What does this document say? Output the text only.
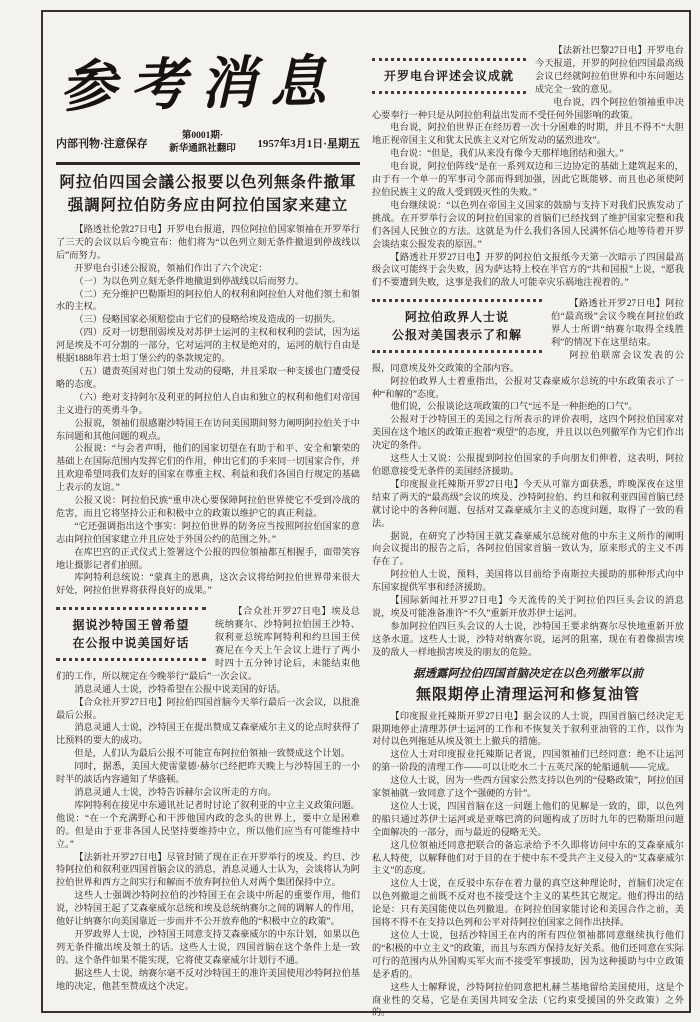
参考消息
内部刊物·注意保存
第0001期·
新华通訊社翻印 1957年3月1日·星期五
阿拉伯四国会議公报要以色列無条件撤軍
强調阿拉伯防务应由阿拉伯国家来建立

【路透社伦敦27日电】开罗电台报道，四位阿拉伯国家領袖在开罗举行了三天的会议以后今晚宣布：他们将为“以色列立刻无条件撤退到停战线以后”而努力。

开罗电台引述公报说，領袖们作出了六个决定：

（一）为以色列立刻无条件地撤退到停战线以后而努力。

（二）充分维护巴勒斯坦的阿拉伯人的权利和阿拉伯人对他们領土和領水的主权。

（三）侵略国家必须赔偿由于它们的侵略给埃及造成的一切损失。

（四）反对一切想削弱埃及对苏伊士运河的主权和权利的尝试，因为运河是埃及不可分割的一部分，它对运河的主权是绝对的，运河的航行自由是根据1888年君士坦丁堡公约的条款规定的。

（五）谴责英国对也门領土发动的侵略，并且采取一种支援也门遭受侵略的态度。

（六）绝对支持阿尔及利亚的阿拉伯人自由和独立的权利和他们对帝国主义进行的英勇斗争。

公报说，領袖们很感谢沙特国王在访问美国期间努力阐明阿拉伯关于中东问题和其他问题的观点。

公报说：“与会者声明，他们的国家切望在有助于和平、安全和繁荣的基础上在国际范围内发挥它们的作用，伸出它们的手来同一切国家合作，并且欢迎希望同我们友好的国家在尊重主权、利益和我们各国自行规定的基础上表示的友谊。”

公报又说：阿拉伯民族“重申决心要保障阿拉伯世界使它不受到冷战的危害，而且它将坚持公正和积极中立的政策以维护它的真正利益。

“它还强调指出这个事实：阿拉伯世界的防务应当按照阿拉伯国家的意志由阿拉伯国家建立并且应处于外国公约的范围之外。”

在库巴宫的正式仪式上签署这个公报的四位領袖都互相握手，面带笑容地让摄影记者们拍照。

库阿特利总统说：“蒙真主的恩典，这次会议将给阿拉伯世界带来很大好处，阿拉伯世界将获得良好的成果。”

据说沙特国王曾希望
在公报中说美国好话

【合众社开罗27日电】埃及总统纳赛尔、沙特阿拉伯国王沙特、叙利亚总统库阿特利和约旦国王侯赛尼在今天上午会议上进行了两小时四十五分钟讨论后，未能结束他们的工作，所以规定在今晚举行“最后”一次会议。

消息灵通人士说，沙特希望在公报中说美国的好话。

【合众社开罗27日电】阿拉伯四国首脑今天举行最后一次会议，以批准最后公报。

消息灵通人士说，沙特国王在提出赞成艾森豪威尔主义的论点时获得了比预料的要大的成功。

但是，人们认为最后公报不可能宣布阿拉伯領袖一致赞成这个计划。

同时，据悉，美国大使雷蒙德·赫尔已经把昨天晚上与沙特国王的一小时半的談话内容通知了华盛顿。

消息灵通人士说，沙特告诉赫尔会议所走的方向。

库阿特利在接见中东通讯社记者时讨论了叙利亚的中立主义政策问题。他说：“在一个充满野心和干涉他国内政的念头的世界上，要中立是困难的。但是由于亚非各国人民坚持要维持中立，所以他们应当有可能维持中立。”

【法新社开罗27日电】尽管封锁了现在正在开罗举行的埃及、约旦、沙特阿拉伯和叙利亚四国首脑会议的消息，消息灵通人士认为，会谈将认为阿拉伯世界和西方之间实行和解而不放弃阿拉伯人对两个集团保持中立。

这些人士强调沙特阿拉伯的沙特国王在会谈中所起的重要作用，他们说，沙特国王起了艾森豪威尔总统和埃及总统纳赛尔之间的调解人的作用，他好让纳赛尔向美国靠近一步而并不公开放弃他的“积极中立的政策”。

开罗政界人士说，沙特国王同意支持艾森豪威尔的中东计划，如果以色列无条件撤出埃及領土的话。这些人士说，四国首脑在这个条件上是一致的。这个条件如果不能实现，它将使艾森豪威尔计划行不通。

据这些人士说，纳赛尔毫不反对沙特国王的准许美国使用沙特阿拉伯基地的决定，他甚至赞成这个决定。

开罗电台评述会议成就

【法新社巴黎27日电】开罗电台今天报道，开罗的阿拉伯四国最高级会议已经就阿拉伯世界和中东问题达成完全一致的意见。

电台说，四个阿拉伯領袖重申决心要奉行一种只是从阿拉伯利益出发而不受任何外国影响的政策。

电台说，阿拉伯世界正在经历着一次十分困难的时期，并且不得不“大胆地正视帝国主义和犹太民族主义对它所发动的猛烈进攻”。

电台说：“但是，我们从来没有像今天那样地团结和强大。”

电台说，阿拉伯阵线“是在一系列双边和三边协定的基础上建筑起来的，由于有一个单一的军事司令部而得到加强，因此它既能够、而且也必须使阿拉伯民族主义的敌人受到毁灭性的失败。”

电台继续说：“以色列在帝国主义国家的鼓励与支持下对我们民族发动了挑战。在开罗举行会议的阿拉伯国家的首脑们已经找到了维护国家完整和我们各国人民独立的方法。这就是为什么我们各国人民满怀信心地等待着开罗会谈结束公报发表的原因。”

【路透社开罗27日电】开罗的阿拉伯文报纸今天第一次暗示了四国最高级会议可能终于会失败，因为萨达特上校在半官方的“共和国报”上说，“愿我们不要遭到失败，这事是我们的敌人可能幸灾乐祸地注视着的。”

阿拉伯政界人士说
公报对美国表示了和解

【路透社开罗27日电】阿拉伯“最高级”会议今晚在阿拉伯政界人士所谓“纳赛尔取得全线胜利”的情况下在这里结束。

阿拉伯联席会议发表的公报，同意埃及外交政策的全部内容。

阿拉伯政界人士着重指出，公报对艾森豪威尔总统的中东政策表示了一种“和解的”态度。

他们说，公报谈论这项政策的口气“远不是一种拒绝的口气”。

公报对于沙特国王的美国之行所表示的评价表明，这四个阿拉伯国家对美国在这个地区的政策正抱着“观望”的态度，并且以以色列撤军作为它们作出决定的条件。

这些人士又说：公报提到阿拉伯国家的手向朋友们伸着，这表明，阿拉伯愿意接受无条件的美国经济援助。

【印度报业托辣斯开罗27日电】今天从可靠方面获悉，昨晚深夜在这里结束了两天的“最高级”会议的埃及、沙特阿拉伯、约旦和叙利亚四国首脑已经就讨论中的各种问题、包括对艾森豪威尔主义的态度问题，取得了一致的看法。

据说，在研究了沙特国王就艾森豪威尔总统对他的中东主义所作的阐明向会议提出的报告之后，各阿拉伯国家首脑一致认为，原来形式的主义不再存在了。

阿拉伯人士说，预料，美国将以目前给予南斯拉夫援助的那种形式向中东国家提供军事和经济援助。

【国际新闻社开罗27日电】今天流传的关于阿拉伯四巨头会议的消息说，埃及可能准备准许“不久”重新开放苏伊士运河。

参加阿拉伯四巨头会议的人士说，沙特国王要求纳赛尔尽快地重新开放这条水道。这些人士说，沙特对纳赛尔说，运河的阻塞，现在有着像损害埃及的敌人一样地损害埃及的朋友的危险。

据透露阿拉伯四国首脑决定在以色列撤军以前
無限期停止清理运河和修复油管

【印度报业托辣斯开罗27日电】据会议的人士说，四国首脑已经决定无限期地停止清理苏伊士运河的工作和不恢复关于叙利亚油管的工作，以作为对付以色列拖延从埃及領土上撤兵的措施。

这位人士对印度报业托辣斯记者说，四国領袖们已经同意：绝不让运河的第一阶段的清理工作——可以让吃水二十五英尺深的轮船通航——完成。

这位人士说，因为一些西方国家公然支持以色列的“侵略政策”，阿拉伯国家領袖就一致同意了这个“强硬的方针”。

这位人士说，四国首脑在这一问题上他们的见解是一致的，即，以色列的船只通过苏伊士运河或是亚喀巴湾的问题构成了历时九年的巴勒斯坦问题全面解决的一部分，而与最近的侵略无关。

这几位領袖还同意把联合的备忘录给予不久即将访问中东的艾森豪威尔私人特使，以解释他们对于目的在于使中东不受共产主义侵入的“艾森豪威尔主义”的态度。

这位人士说，在反驳中东存在着力量的真空这种理论时，首脑们决定在以色列撤退之前既不反对也不接受这个主义的某些其它规定。他们得出的结论是：只有美国能使以色列撤退。在阿拉伯国家能讨论和美国合作之前，美国将不得不在支持以色列和公平对待阿拉伯国家之间作出抉择。

这位人士说，包括沙特国王在内的所有四位領袖都同意继续执行他们的“积极的中立主义”的政策，而且与东西方保持友好关系。他们还同意在实际可行的范围内从外国购买军火而不接受军事援助，因为这种援助与中立政策是矛盾的。

这些人士解释说，沙特阿拉伯同意把札赫兰基地留给美国使用，这是个商业性的交易，它是在美国共同安全法（它约束受援国的外交政策）之外的。
